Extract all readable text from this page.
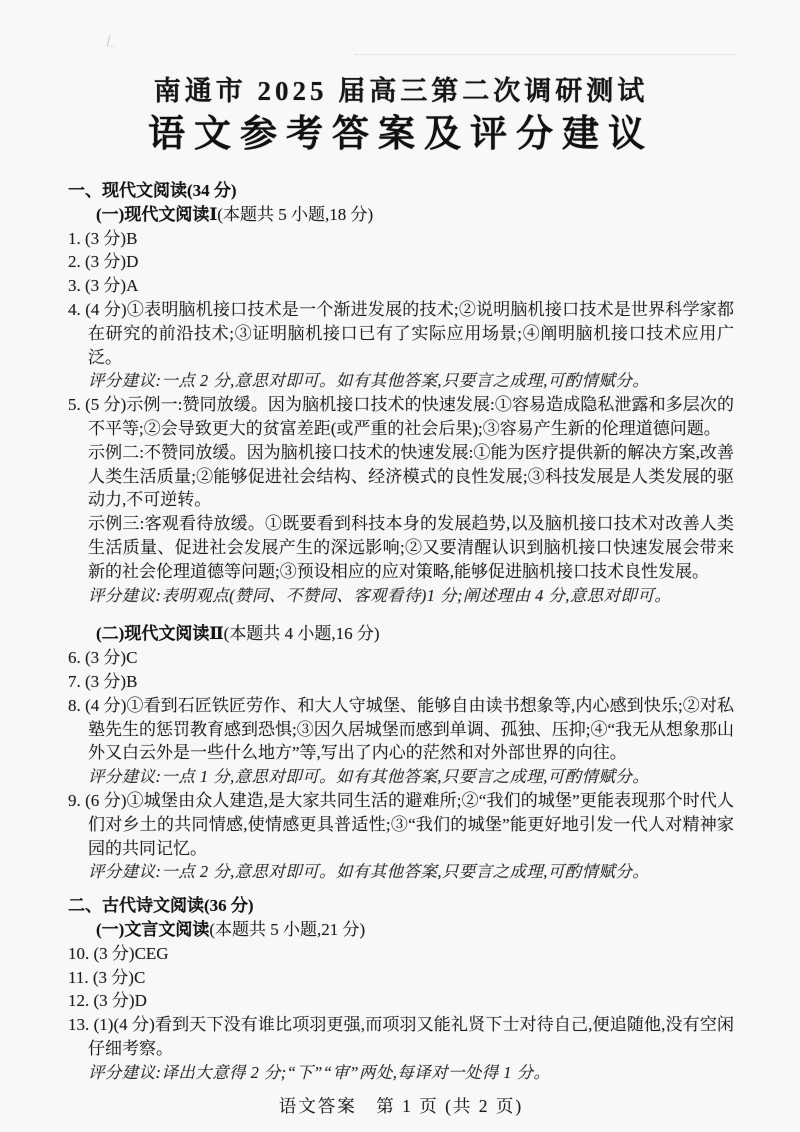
南通市 2025 届高三第二次调研测试
语文参考答案及评分建议
一、现代文阅读(34 分)
(一)现代文阅读Ⅰ(本题共 5 小题,18 分)
1. (3 分)B
2. (3 分)D
3. (3 分)A
4. (4 分)①表明脑机接口技术是一个渐进发展的技术;②说明脑机接口技术是世界科学家都在研究的前沿技术;③证明脑机接口已有了实际应用场景;④阐明脑机接口技术应用广泛。
评分建议:一点 2 分,意思对即可。如有其他答案,只要言之成理,可酌情赋分。
5. (5 分)示例一:赞同放缓。因为脑机接口技术的快速发展:①容易造成隐私泄露和多层次的不平等;②会导致更大的贫富差距(或严重的社会后果);③容易产生新的伦理道德问题。
示例二:不赞同放缓。因为脑机接口技术的快速发展:①能为医疗提供新的解决方案,改善人类生活质量;②能够促进社会结构、经济模式的良性发展;③科技发展是人类发展的驱动力,不可逆转。
示例三:客观看待放缓。①既要看到科技本身的发展趋势,以及脑机接口技术对改善人类生活质量、促进社会发展产生的深远影响;②又要清醒认识到脑机接口快速发展会带来新的社会伦理道德等问题;③预设相应的应对策略,能够促进脑机接口技术良性发展。
评分建议:表明观点(赞同、不赞同、客观看待)1 分;阐述理由 4 分,意思对即可。
(二)现代文阅读Ⅱ(本题共 4 小题,16 分)
6. (3 分)C
7. (3 分)B
8. (4 分)①看到石匠铁匠劳作、和大人守城堡、能够自由读书想象等,内心感到快乐;②对私塾先生的惩罚教育感到恐惧;③因久居城堡而感到单调、孤独、压抑;④“我无从想象那山外又白云外是一些什么地方”等,写出了内心的茫然和对外部世界的向往。
评分建议:一点 1 分,意思对即可。如有其他答案,只要言之成理,可酌情赋分。
9. (6 分)①城堡由众人建造,是大家共同生活的避难所;②“我们的城堡”更能表现那个时代人们对乡土的共同情感,使情感更具普适性;③“我们的城堡”能更好地引发一代人对精神家园的共同记忆。
评分建议:一点 2 分,意思对即可。如有其他答案,只要言之成理,可酌情赋分。
二、古代诗文阅读(36 分)
(一)文言文阅读(本题共 5 小题,21 分)
10. (3 分)CEG
11. (3 分)C
12. (3 分)D
13. (1)(4 分)看到天下没有谁比项羽更强,而项羽又能礼贤下士对待自己,便追随他,没有空闲仔细考察。
评分建议:译出大意得 2 分;“下”“审”两处,每译对一处得 1 分。
语文答案　第 1 页 (共 2 页)
